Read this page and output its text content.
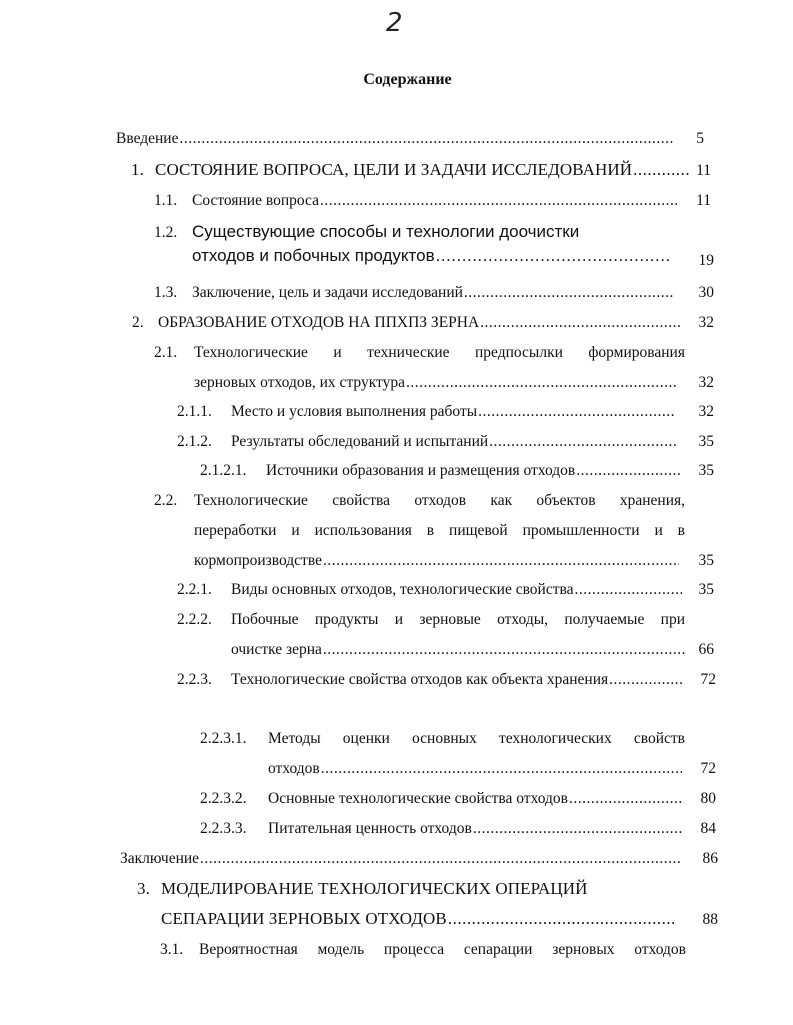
2
Содержание
Введение .....	5
1. СОСТОЯНИЕ ВОПРОСА, ЦЕЛИ И ЗАДАЧИ ИССЛЕДОВАНИЙ .....	11
1.1. Состояние вопроса .....	11
1.2. Существующие способы и технологии доочистки
отходов и побочных продуктов .....	19
1.3. Заключение, цель и задачи исследований .....	30
2. ОБРАЗОВАНИЕ ОТХОДОВ НА ППХПЗ ЗЕРНА .....	32
2.1.	Технологические и технические предпосылки формирования
зерновых отходов, их структура .....	32
2.1.1.	Место и условия выполнения работы .....	32
2.1.2.	Результаты обследований и испытаний .....	35
2.1.2.1.	Источники образования и размещения отходов .....	35
2.2.	Технологические свойства отходов как объектов хранения,
переработки и использования в пищевой промышленности и в
кормопроизводстве .....	35
2.2.1.	Виды основных отходов, технологические свойства .....	35
2.2.2.	Побочные продукты и зерновые отходы, получаемые при
очистке зерна .....	66
2.2.3.	Технологические свойства отходов как объекта хранения .....	72
2.2.3.1.	Методы оценки основных технологических свойств
отходов .....	72
2.2.3.2.	Основные технологические свойства отходов .....	80
2.2.3.3.	Питательная ценность отходов .....	84
Заключение .....	86
3. МОДЕЛИРОВАНИЕ ТЕХНОЛОГИЧЕСКИХ ОПЕРАЦИЙ
СЕПАРАЦИИ ЗЕРНОВЫХ ОТХОДОВ .....	88
3.1.	Вероятностная модель процесса сепарации зерновых отходов
